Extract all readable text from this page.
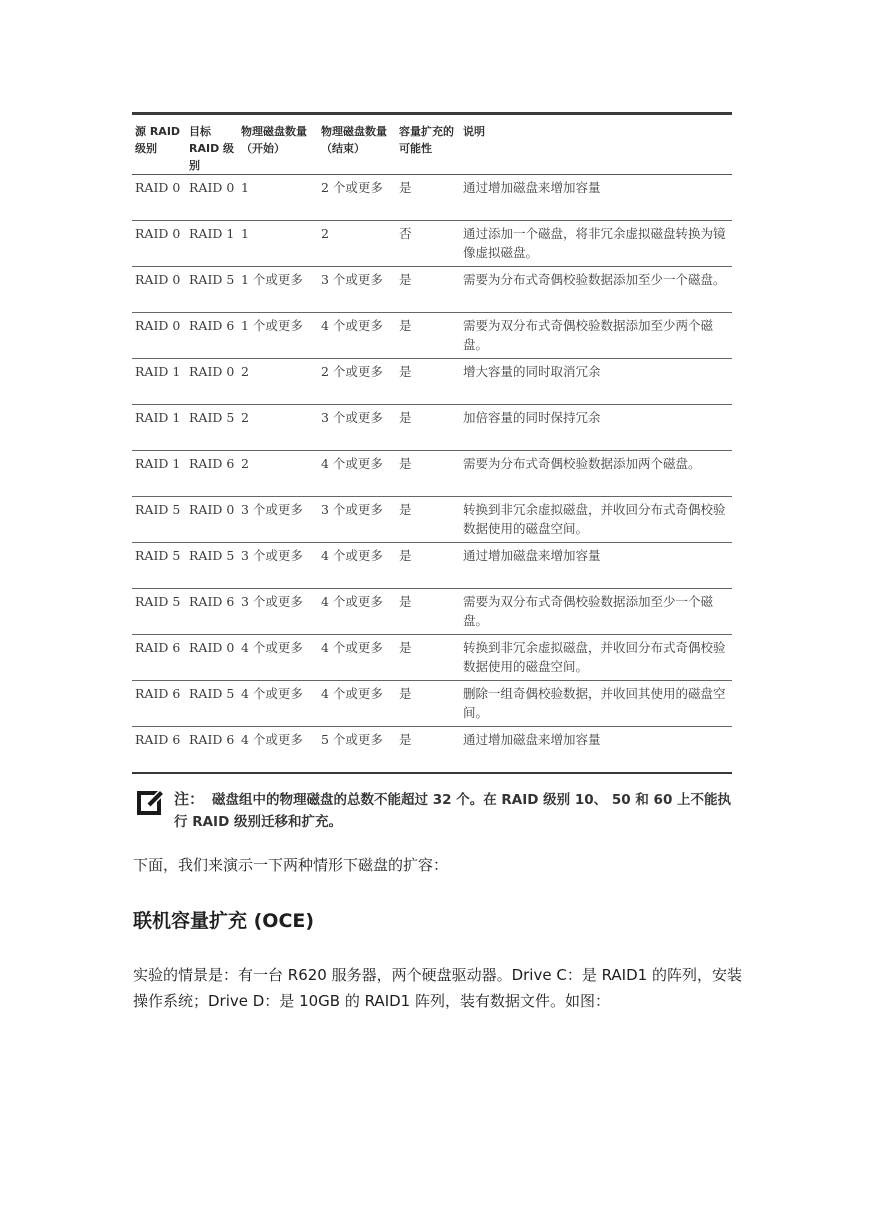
源 RAID 级别	目标 RAID 级别	物理磁盘数量（开始）	物理磁盘数量（结束）	容量扩充的可能性	说明
RAID 0	RAID 0	1	2 个或更多	是	通过增加磁盘来增加容量
RAID 0	RAID 1	1	2	否	通过添加一个磁盘，将非冗余虚拟磁盘转换为镜像虚拟磁盘。
RAID 0	RAID 5	1 个或更多	3 个或更多	是	需要为分布式奇偶校验数据添加至少一个磁盘。
RAID 0	RAID 6	1 个或更多	4 个或更多	是	需要为双分布式奇偶校验数据添加至少两个磁盘。
RAID 1	RAID 0	2	2 个或更多	是	增大容量的同时取消冗余
RAID 1	RAID 5	2	3 个或更多	是	加倍容量的同时保持冗余
RAID 1	RAID 6	2	4 个或更多	是	需要为分布式奇偶校验数据添加两个磁盘。
RAID 5	RAID 0	3 个或更多	3 个或更多	是	转换到非冗余虚拟磁盘，并收回分布式奇偶校验数据使用的磁盘空间。
RAID 5	RAID 5	3 个或更多	4 个或更多	是	通过增加磁盘来增加容量
RAID 5	RAID 6	3 个或更多	4 个或更多	是	需要为双分布式奇偶校验数据添加至少一个磁盘。
RAID 6	RAID 0	4 个或更多	4 个或更多	是	转换到非冗余虚拟磁盘，并收回分布式奇偶校验数据使用的磁盘空间。
RAID 6	RAID 5	4 个或更多	4 个或更多	是	删除一组奇偶校验数据，并收回其使用的磁盘空间。
RAID 6	RAID 6	4 个或更多	5 个或更多	是	通过增加磁盘来增加容量
注： 磁盘组中的物理磁盘的总数不能超过 32 个。在 RAID 级别 10、 50 和 60 上不能执行 RAID 级别迁移和扩充。
下面，我们来演示一下两种情形下磁盘的扩容：
联机容量扩充 (OCE)
实验的情景是：有一台 R620 服务器，两个硬盘驱动器。Drive C：是 RAID1 的阵列，安装操作系统；Drive D：是 10GB 的 RAID1 阵列，装有数据文件。如图：
